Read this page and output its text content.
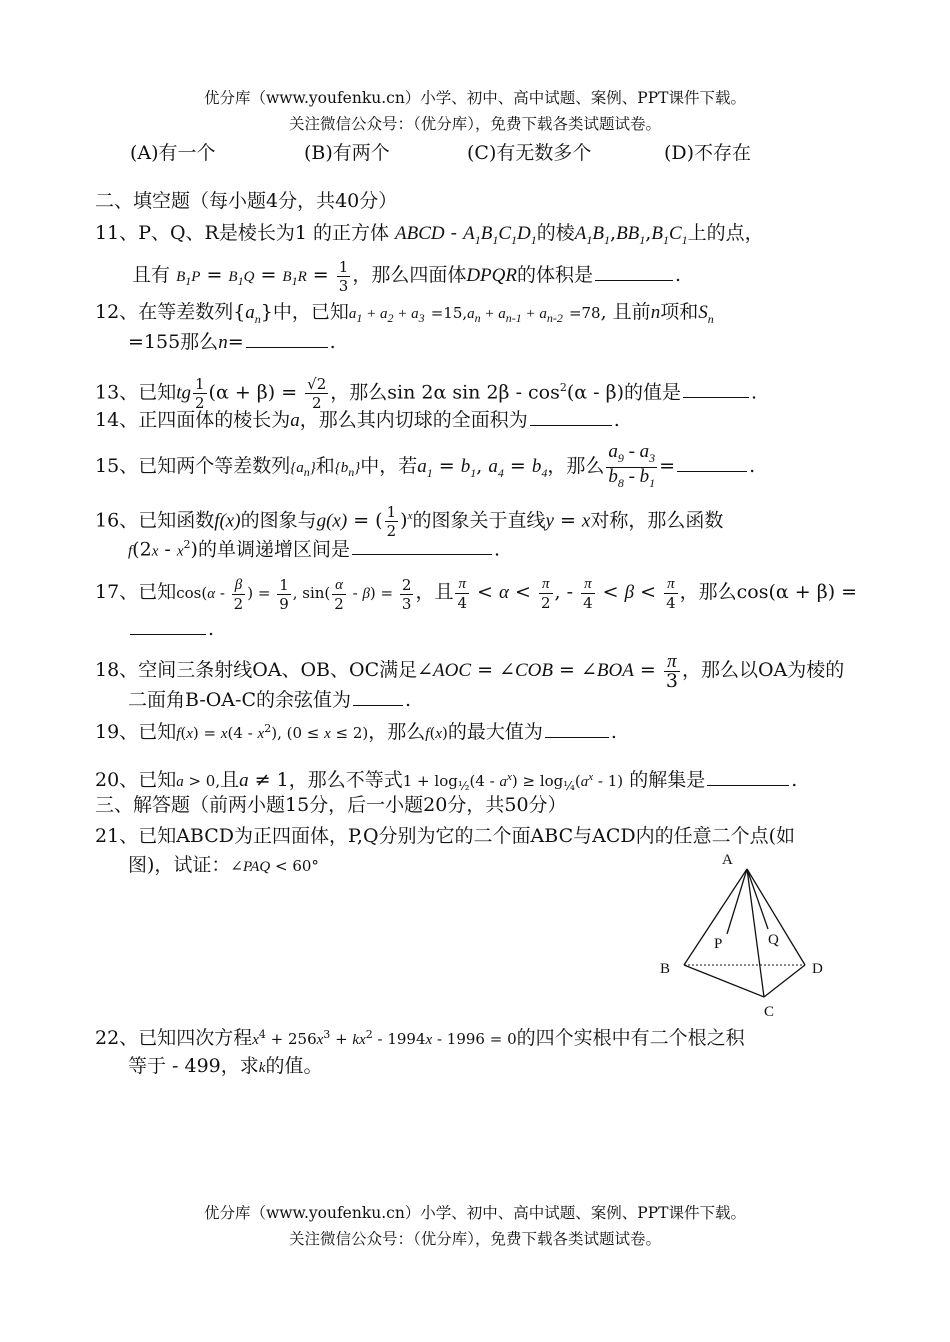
优分库（www.youfenku.cn）小学、初中、高中试题、案例、PPT课件下载。
关注微信公众号：（优分库），免费下载各类试题试卷。
(A)有一个	(B)有两个	(C)有无数多个	(D)不存在
二、填空题（每小题4分，共40分）
11、P、Q、R是棱长为1 的正方体 ABCD - $A_1B_1C_1D_1$的棱$A_1B_1,BB_1,B_1C_1$上的点，
且有 $B_1P = B_1Q = B_1R = \frac{1}{3}$ ，那么四面体DPQR的体积是	.
12、在等差数列$\{a_n\}$中，已知$a_1 + a_2 + a_3 =15,a_n + a_{n-1} + a_{n-2} =78$, 且前n项和$S_n$
=155那么n=	.
13、已知tg $\frac{1}{2} (\alpha + \beta) = \frac{√2}{2}$ ，那么sin 2α $\sin 2\beta - \cos^2(\alpha - \beta)$的值是	.
14、正四面体的棱长为a，那么其内切球的全面积为	.
15、已知两个等差数列$\{a_n\}$和$\{b_n\}$中，若$a_1 = b_1$, $a_4 = b_4$，那么 $\frac{a_9 - a_3}{b_8 - b_1}$ =	.
16、已知函数f(x)的图象与g(x) = ( $\frac{1}{2} )^x$的图象关于直线y = x对称，那么函数
$f(2x - x^2)$的单调递增区间是	.
17、已知$\cos(\alpha - \frac{\beta}{2}$ ) = $\frac{1}{9}$ , $\sin( \frac{\alpha}{2} - \beta) = \frac{2}{3}$ ，且 $\frac{\pi}{4} < \alpha < \frac{\pi}{2}$ , - $\frac{\pi}{4} < \beta < \frac{\pi}{4}$ ，那么cos(α + β) =
.
18、空间三条射线OA、OB、OC满足∠AOC = ∠COB = ∠BOA = $\frac{\pi}{3}$ ，那么以OA为棱的
二面角B-OA-C的余弦值为	.
19、已知$f(x) = x(4 - x^2)$, (0 ≤ x ≤ 2)，那么f(x)的最大值为	.
20、已知a > 0,且a ≠ 1，那么不等式$1 + \log_{\frac{1}{2}}(4 - a^x) \ge \log_{\frac{1}{4}}(a^x - 1)$ 的解集是	.
三、解答题（前两小题15分，后一小题20分，共50分）
21、已知ABCD为正四面体，P,Q分别为它的二个面ABC与ACD内的任意二个点(如
图)，试证：∠PAQ < 60°	A
B
C
D
P	Q
22、已知四次方程$x^4 + 256x^3 + kx^2 - 1994x - 1996 = 0$的四个实根中有二个根之积
等于 - 499，求k的值。
优分库（www.youfenku.cn）小学、初中、高中试题、案例、PPT课件下载。
关注微信公众号：（优分库），免费下载各类试题试卷。
